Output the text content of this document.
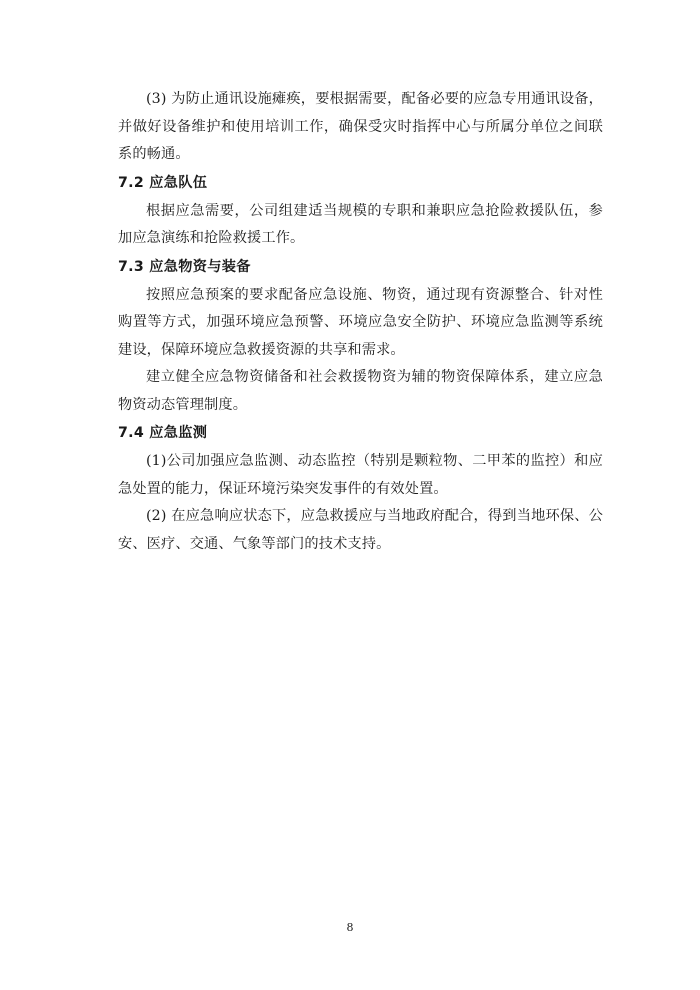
(3) 为防止通讯设施瘫痪，要根据需要，配备必要的应急专用通讯设备，并做好设备维护和使用培训工作，确保受灾时指挥中心与所属分单位之间联系的畅通。

7.2 应急队伍

根据应急需要，公司组建适当规模的专职和兼职应急抢险救援队伍，参加应急演练和抢险救援工作。

7.3 应急物资与装备

按照应急预案的要求配备应急设施、物资，通过现有资源整合、针对性购置等方式，加强环境应急预警、环境应急安全防护、环境应急监测等系统建设，保障环境应急救援资源的共享和需求。

建立健全应急物资储备和社会救援物资为辅的物资保障体系，建立应急物资动态管理制度。

7.4 应急监测

(1)公司加强应急监测、动态监控（特别是颗粒物、二甲苯的监控）和应急处置的能力，保证环境污染突发事件的有效处置。

(2) 在应急响应状态下，应急救援应与当地政府配合，得到当地环保、公安、医疗、交通、气象等部门的技术支持。

8
